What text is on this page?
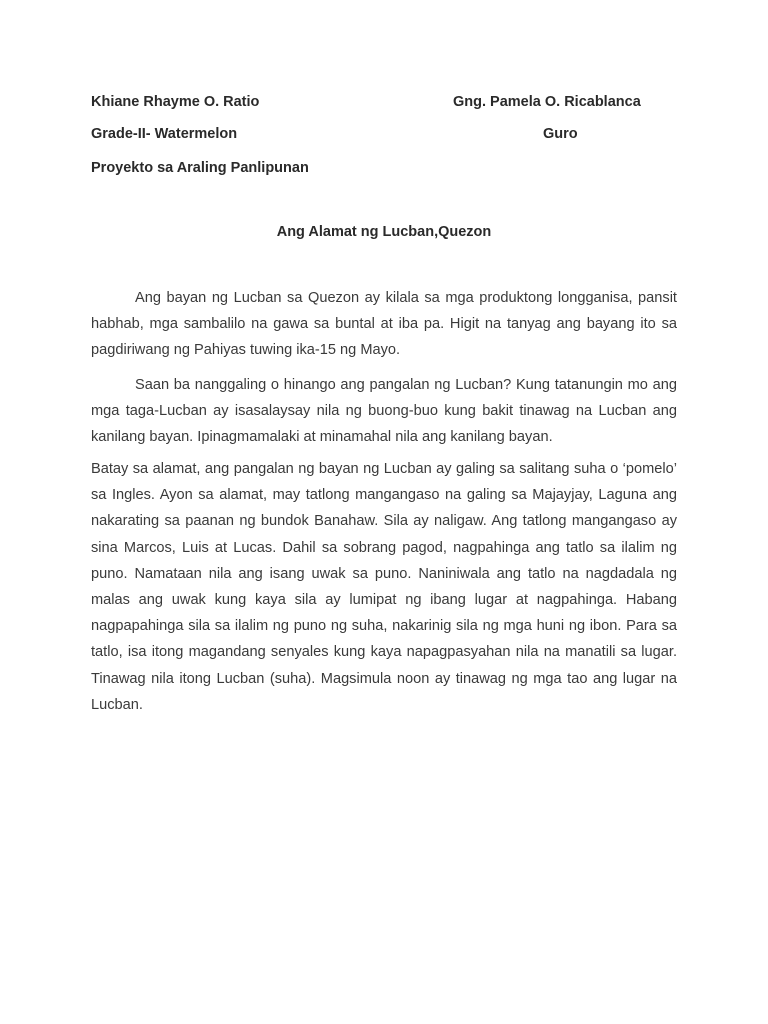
Khiane Rhayme O. Ratio	Gng. Pamela O. Ricablanca
Grade-II- Watermelon	Guro
Proyekto sa Araling Panlipunan
Ang Alamat ng Lucban,Quezon

Ang bayan ng Lucban sa Quezon ay kilala sa mga produktong longganisa, pansit habhab, mga sambalilo na gawa sa buntal at iba pa. Higit na tanyag ang bayang ito sa pagdiriwang ng Pahiyas tuwing ika-15 ng Mayo.

Saan ba nanggaling o hinango ang pangalan ng Lucban? Kung tatanungin mo ang mga taga-Lucban ay isasalaysay nila ng buong-buo kung bakit tinawag na Lucban ang kanilang bayan. Ipinagmamalaki at minamahal nila ang kanilang bayan.

Batay sa alamat, ang pangalan ng bayan ng Lucban ay galing sa salitang suha o ‘pomelo’ sa Ingles. Ayon sa alamat, may tatlong mangangaso na galing sa Majayjay, Laguna ang nakarating sa paanan ng bundok Banahaw. Sila ay naligaw. Ang tatlong mangangaso ay sina Marcos, Luis at Lucas. Dahil sa sobrang pagod, nagpahinga ang tatlo sa ilalim ng puno. Namataan nila ang isang uwak sa puno. Naniniwala ang tatlo na nagdadala ng malas ang uwak kung kaya sila ay lumipat ng ibang lugar at nagpahinga. Habang nagpapahinga sila sa ilalim ng puno ng suha, nakarinig sila ng mga huni ng ibon. Para sa tatlo, isa itong magandang senyales kung kaya napagpasyahan nila na manatili sa lugar. Tinawag nila itong Lucban (suha). Magsimula noon ay tinawag ng mga tao ang lugar na Lucban.
